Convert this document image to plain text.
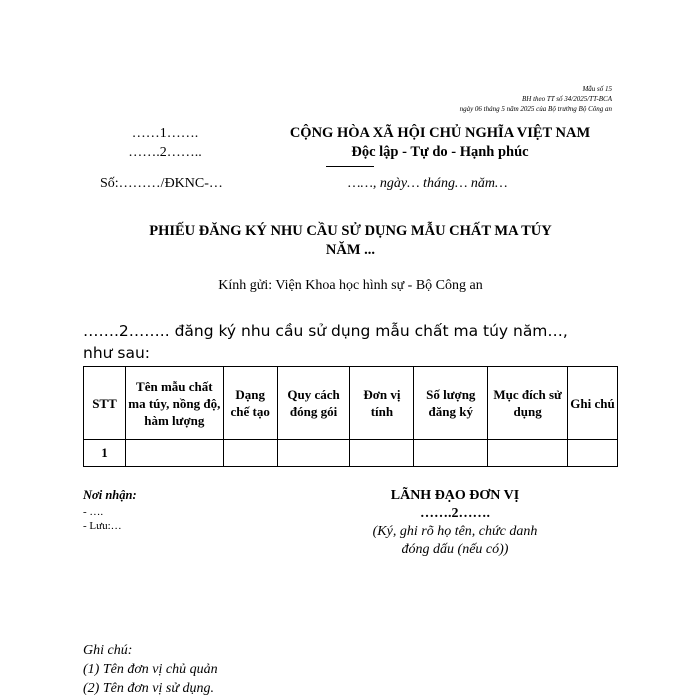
Mẫu số 15
BH theo TT số 34/2025/TT-BCA
ngày 06 tháng 5 năm 2025 của Bộ trưởng Bộ Công an
……1…….
…….2……..
CỘNG HÒA XÃ HỘI CHỦ NGHĨA VIỆT NAM
Độc lập - Tự do - Hạnh phúc
Số:………/ĐKNC-…	……, ngày… tháng… năm…
PHIẾU ĐĂNG KÝ NHU CẦU SỬ DỤNG MẪU CHẤT MA TÚY
NĂM ...
Kính gửi: Viện Khoa học hình sự - Bộ Công an
…….2…….. đăng ký nhu cầu sử dụng mẫu chất ma túy năm…,
như sau:
STT	Tên mẫu chất ma túy, nồng độ, hàm lượng	Dạng chế tạo	Quy cách đóng gói	Đơn vị tính	Số lượng đăng ký	Mục đích sử dụng	Ghi chú
1							
Nơi nhận:
- ….
- Lưu:…
LÃNH ĐẠO ĐƠN VỊ
…….2…….
(Ký, ghi rõ họ tên, chức danh
đóng dấu (nếu có))
Ghi chú:
(1) Tên đơn vị chủ quản
(2) Tên đơn vị sử dụng.
